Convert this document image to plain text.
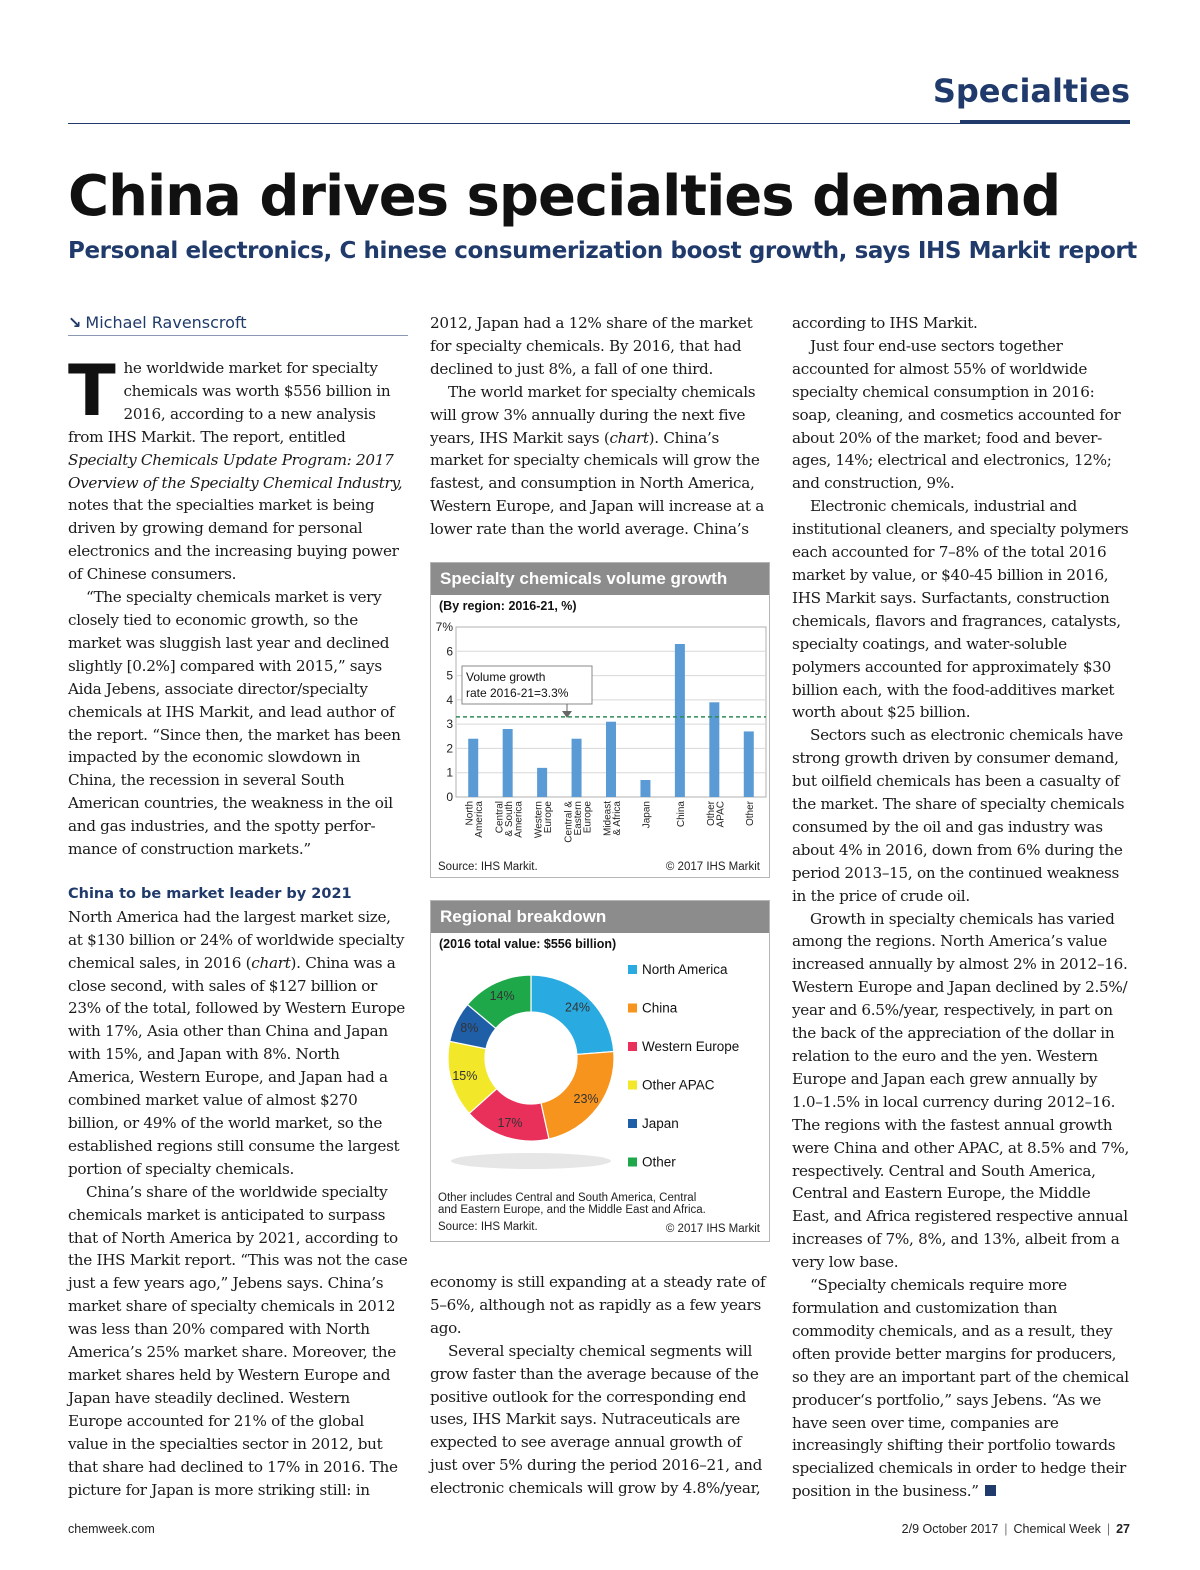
Specialties
China drives specialties demand
Personal electronics, C hinese consumerization boost growth, says IHS Markit report
↘ Michael Ravenscroft

The worldwide market for specialty chemicals was worth $556 billion in 2016, according to a new analysis from IHS Markit. The report, entitled Specialty Chemicals Update Program: 2017 Overview of the Specialty Chemical Industry, notes that the specialties market is being driven by growing demand for personal electronics and the increasing buying power of Chinese consumers.

“The specialty chemicals market is very closely tied to economic growth, so the market was sluggish last year and declined slightly [0.2%] compared with 2015,” says Aida Jebens, associate director/specialty chemicals at IHS Markit, and lead author of the report. “Since then, the market has been impacted by the economic slowdown in China, the recession in several South American countries, the weakness in the oil and gas industries, and the spotty performance of construction markets.”

China to be market leader by 2021

North America had the largest market size, at $130 billion or 24% of worldwide specialty chemical sales, in 2016 (chart). China was a close second, with sales of $127 billion or 23% of the total, followed by Western Europe with 17%, Asia other than China and Japan with 15%, and Japan with 8%. North America, Western Europe, and Japan had a combined market value of almost $270 billion, or 49% of the world market, so the established regions still consume the largest portion of specialty chemicals.

China’s share of the worldwide specialty chemicals market is anticipated to surpass that of North America by 2021, according to the IHS Markit report. “This was not the case just a few years ago,” Jebens says. China’s market share of specialty chemicals in 2012 was less than 20% compared with North America’s 25% market share. Moreover, the market shares held by Western Europe and Japan have steadily declined. Western Europe accounted for 21% of the global value in the specialties sector in 2012, but that share had declined to 17% in 2016. The picture for Japan is more striking still: in

2012, Japan had a 12% share of the market for specialty chemicals. By 2016, that had declined to just 8%, a fall of one third.

The world market for specialty chemicals will grow 3% annually during the next five years, IHS Markit says (chart). China’s market for specialty chemicals will grow the fastest, and consumption in North America, Western Europe, and Japan will increase at a lower rate than the world average. China’s

Specialty chemicals volume growth
(By region: 2016-21, %)
7%
6
5
4
3
2
1
0
North
America Central
& South
America Western
Europe Central &
Eastern
Europe Mideast
& Africa Japan China Other
APAC Other
Volume growth
rate 2016-21=3.3%
Source: IHS Markit.	© 2017 IHS Markit
Regional breakdown
(2016 total value: $556 billion)
24%
23%
17%
15%
8%
14%
North America
China
Western Europe
Other APAC
Japan
Other
Other includes Central and South America, Central
and Eastern Europe, and the Middle East and Africa.
Source: IHS Markit.	© 2017 IHS Markit

economy is still expanding at a steady rate of 5–6%, although not as rapidly as a few years ago.

Several specialty chemical segments will grow faster than the average because of the positive outlook for the corresponding end uses, IHS Markit says. Nutraceuticals are expected to see average annual growth of just over 5% during the period 2016–21, and electronic chemicals will grow by 4.8%/year,

according to IHS Markit.

Just four end-use sectors together accounted for almost 55% of worldwide specialty chemical consumption in 2016: soap, cleaning, and cosmetics accounted for about 20% of the market; food and beverages, 14%; electrical and electronics, 12%; and construction, 9%.

Electronic chemicals, industrial and institutional cleaners, and specialty polymers each accounted for 7–8% of the total 2016 market by value, or $40-45 billion in 2016, IHS Markit says. Surfactants, construction chemicals, flavors and fragrances, catalysts, specialty coatings, and water-soluble polymers accounted for approximately $30 billion each, with the food-additives market worth about $25 billion.

Sectors such as electronic chemicals have strong growth driven by consumer demand, but oilfield chemicals has been a casualty of the market. The share of specialty chemicals consumed by the oil and gas industry was about 4% in 2016, down from 6% during the period 2013–15, on the continued weakness in the price of crude oil.

Growth in specialty chemicals has varied among the regions. North America’s value increased annually by almost 2% in 2012–16. Western Europe and Japan declined by 2.5%/ year and 6.5%/year, respectively, in part on the back of the appreciation of the dollar in relation to the euro and the yen. Western Europe and Japan each grew annually by 1.0–1.5% in local currency during 2012–16. The regions with the fastest annual growth were China and other APAC, at 8.5% and 7%, respectively. Central and South America, Central and Eastern Europe, the Middle East, and Africa registered respective annual increases of 7%, 8%, and 13%, albeit from a very low base.

“Specialty chemicals require more formulation and customization than commodity chemicals, and as a result, they often provide better margins for producers, so they are an important part of the chemical producer‘s portfolio,” says Jebens. “As we have seen over time, companies are increasingly shifting their portfolio towards specialized chemicals in order to hedge their position in the business.”

chemweek.com	2/9 October 2017 | Chemical Week | 27
